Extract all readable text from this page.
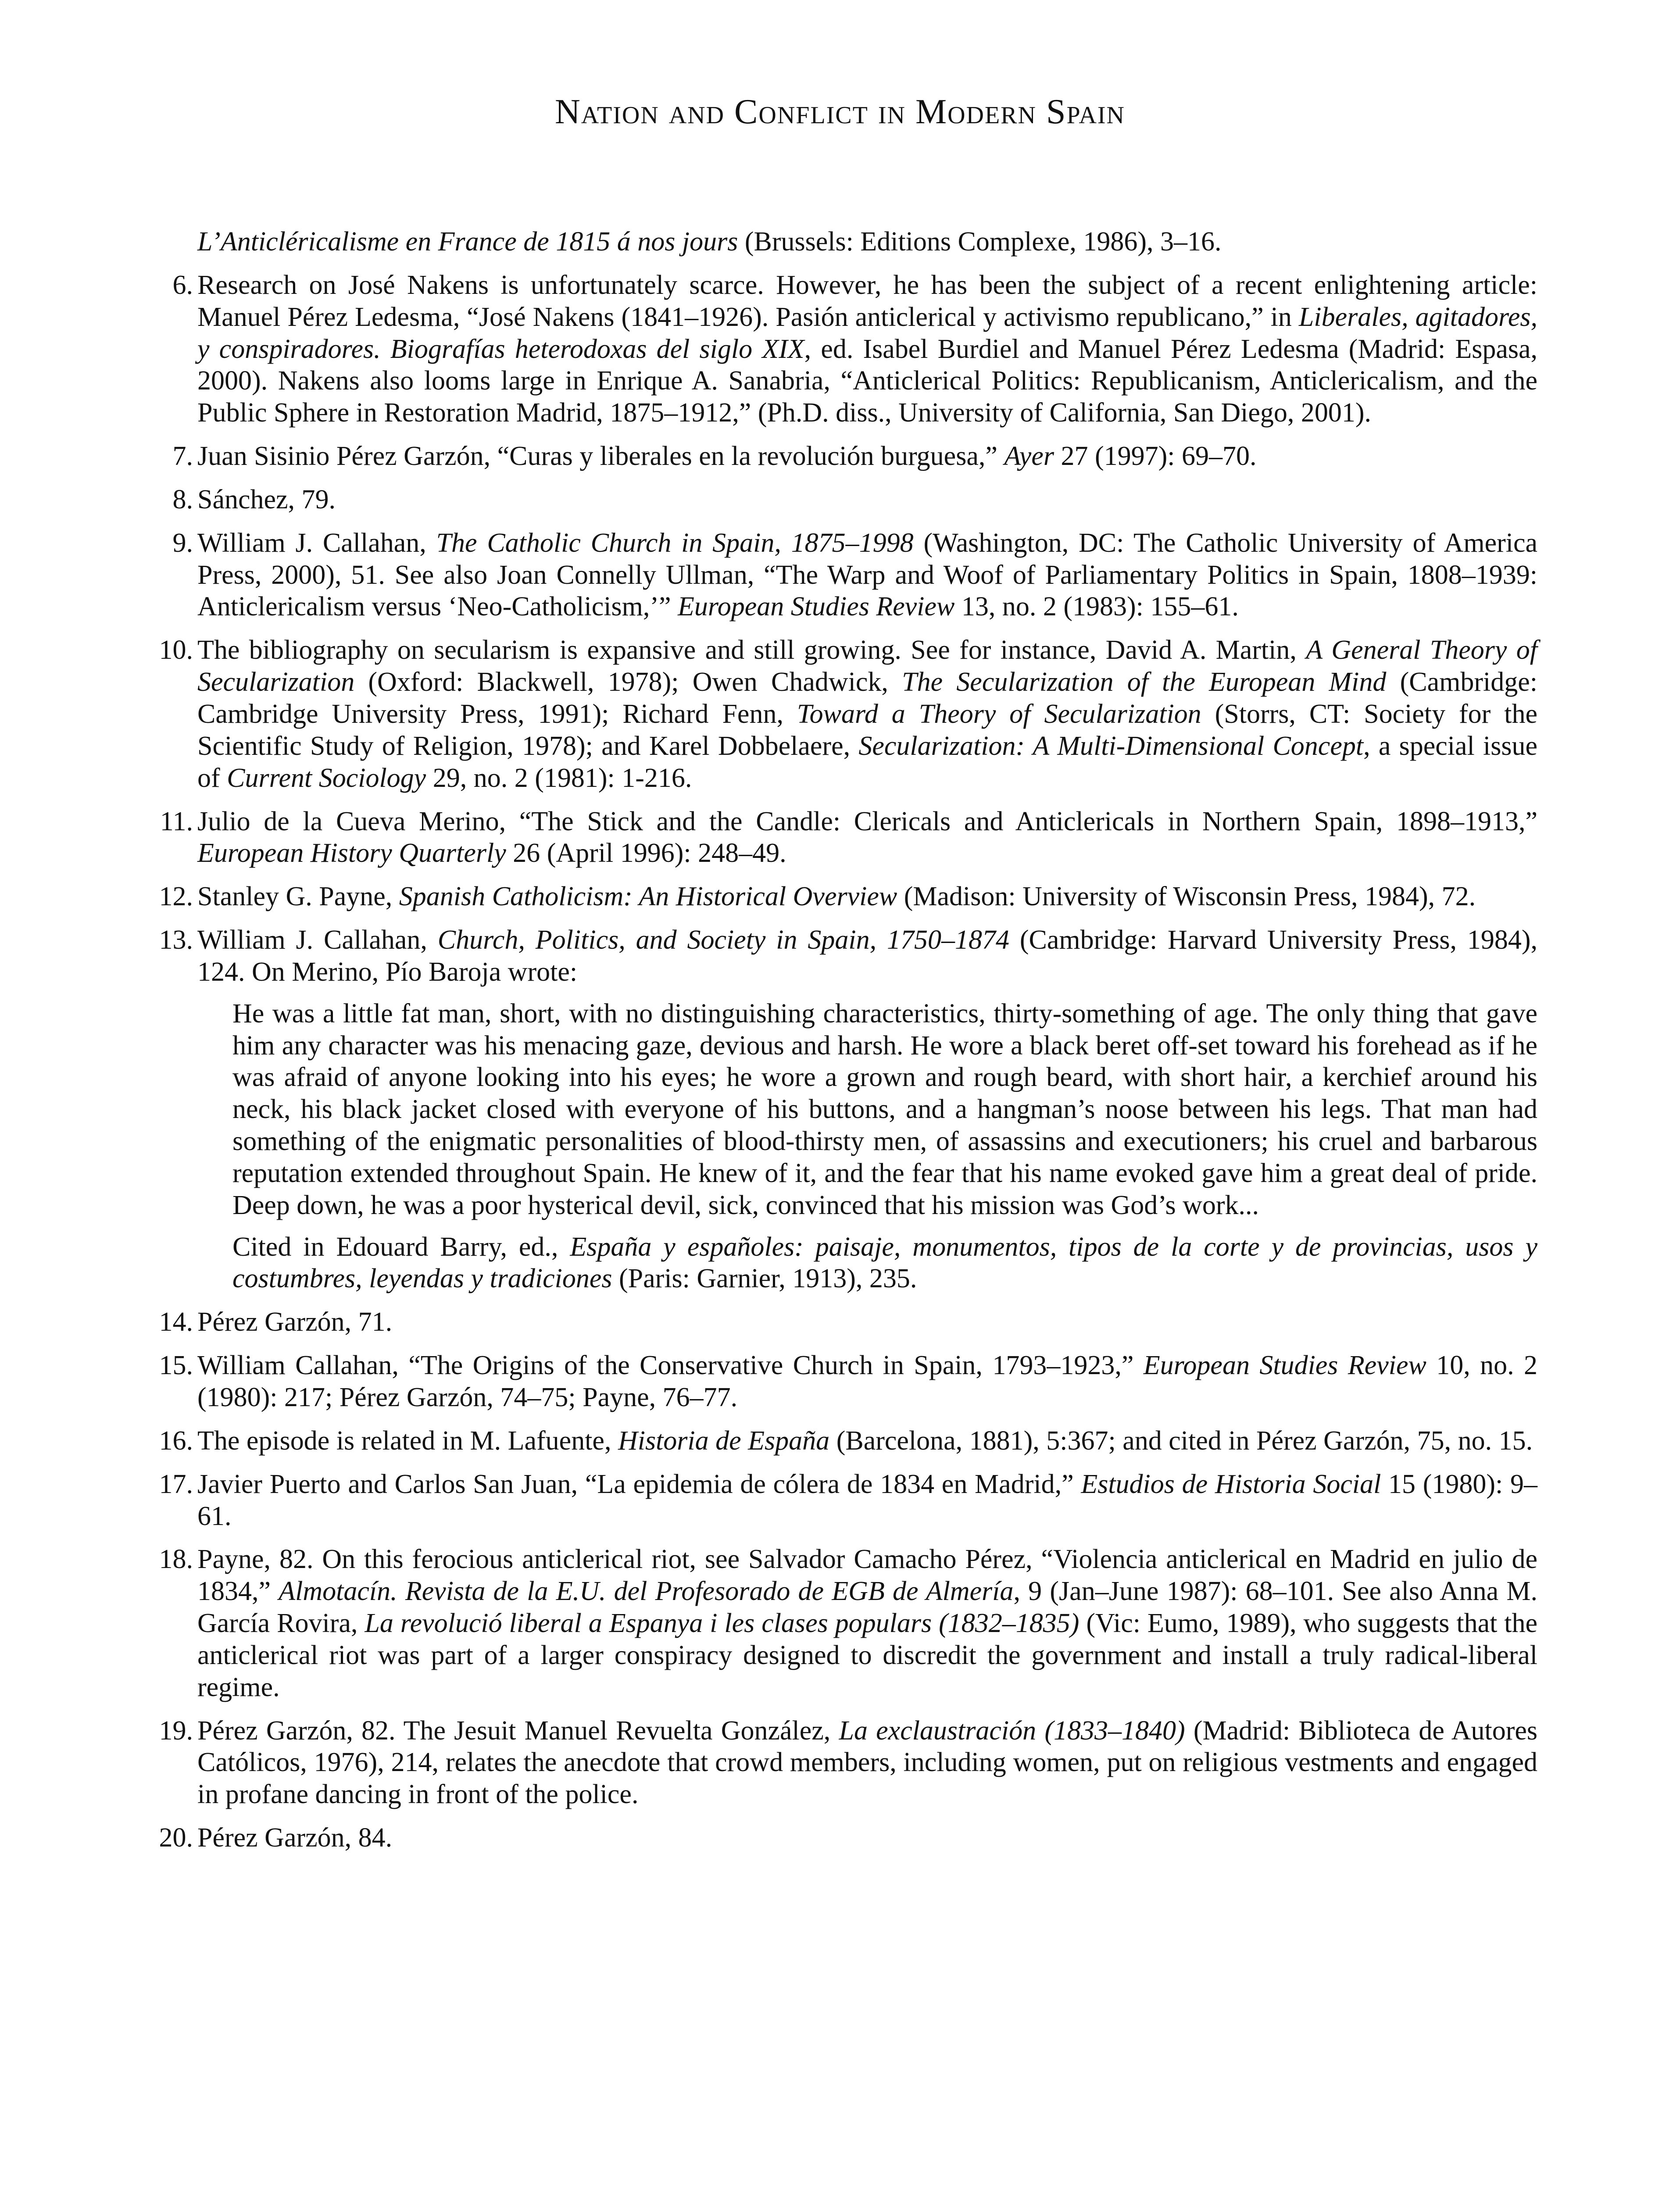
Nation and Conflict in Modern Spain
L’Anticléricalisme en France de 1815 á nos jours (Brussels: Editions Complexe, 1986), 3–16.
6. Research on José Nakens is unfortunately scarce. However, he has been the subject of a recent enlightening article: Manuel Pérez Ledesma, “José Nakens (1841–1926). Pasión anticlerical y activismo republicano,” in Liberales, agitadores, y conspiradores. Biografías heterodoxas del siglo XIX, ed. Isabel Burdiel and Manuel Pérez Ledesma (Madrid: Espasa, 2000). Nakens also looms large in Enrique A. Sanabria, “Anticlerical Politics: Republicanism, Anticlericalism, and the Public Sphere in Restoration Madrid, 1875–1912,” (Ph.D. diss., University of California, San Diego, 2001).
7. Juan Sisinio Pérez Garzón, “Curas y liberales en la revolución burguesa,” Ayer 27 (1997): 69–70.
8. Sánchez, 79.
9. William J. Callahan, The Catholic Church in Spain, 1875–1998 (Washington, DC: The Catholic University of America Press, 2000), 51. See also Joan Connelly Ullman, “The Warp and Woof of Parliamentary Politics in Spain, 1808–1939: Anticlericalism versus ‘Neo-Catholicism,’” European Studies Review 13, no. 2 (1983): 155–61.
10. The bibliography on secularism is expansive and still growing. See for instance, David A. Martin, A General Theory of Secularization (Oxford: Blackwell, 1978); Owen Chadwick, The Secularization of the European Mind (Cambridge: Cambridge University Press, 1991); Richard Fenn, Toward a Theory of Secularization (Storrs, CT: Society for the Scientific Study of Religion, 1978); and Karel Dobbelaere, Secularization: A Multi-Dimensional Concept, a special issue of Current Sociology 29, no. 2 (1981): 1-216.
11. Julio de la Cueva Merino, “The Stick and the Candle: Clericals and Anticlericals in Northern Spain, 1898–1913,” European History Quarterly 26 (April 1996): 248–49.
12. Stanley G. Payne, Spanish Catholicism: An Historical Overview (Madison: University of Wisconsin Press, 1984), 72.
13. William J. Callahan, Church, Politics, and Society in Spain, 1750–1874 (Cambridge: Harvard University Press, 1984), 124. On Merino, Pío Baroja wrote:

He was a little fat man, short, with no distinguishing characteristics, thirty-something of age. The only thing that gave him any character was his menacing gaze, devious and harsh. He wore a black beret off-set toward his forehead as if he was afraid of anyone looking into his eyes; he wore a grown and rough beard, with short hair, a kerchief around his neck, his black jacket closed with everyone of his buttons, and a hangman’s noose between his legs. That man had something of the enigmatic personalities of blood-thirsty men, of assassins and executioners; his cruel and barbarous reputation extended throughout Spain. He knew of it, and the fear that his name evoked gave him a great deal of pride. Deep down, he was a poor hysterical devil, sick, convinced that his mission was God’s work...

Cited in Edouard Barry, ed., España y españoles: paisaje, monumentos, tipos de la corte y de provincias, usos y costumbres, leyendas y tradiciones (Paris: Garnier, 1913), 235.

14. Pérez Garzón, 71.
15. William Callahan, “The Origins of the Conservative Church in Spain, 1793–1923,” European Studies Review 10, no. 2 (1980): 217; Pérez Garzón, 74–75; Payne, 76–77.
16. The episode is related in M. Lafuente, Historia de España (Barcelona, 1881), 5:367; and cited in Pérez Garzón, 75, no. 15.
17. Javier Puerto and Carlos San Juan, “La epidemia de cólera de 1834 en Madrid,” Estudios de Historia Social 15 (1980): 9–61.
18. Payne, 82. On this ferocious anticlerical riot, see Salvador Camacho Pérez, “Violencia anticlerical en Madrid en julio de 1834,” Almotacín. Revista de la E.U. del Profesorado de EGB de Almería, 9 (Jan–June 1987): 68–101. See also Anna M. García Rovira, La revolució liberal a Espanya i les clases populars (1832–1835) (Vic: Eumo, 1989), who suggests that the anticlerical riot was part of a larger conspiracy designed to discredit the government and install a truly radical-liberal regime.
19. Pérez Garzón, 82. The Jesuit Manuel Revuelta González, La exclaustración (1833–1840) (Madrid: Biblioteca de Autores Católicos, 1976), 214, relates the anecdote that crowd members, including women, put on religious vestments and engaged in profane dancing in front of the police.
20. Pérez Garzón, 84.
